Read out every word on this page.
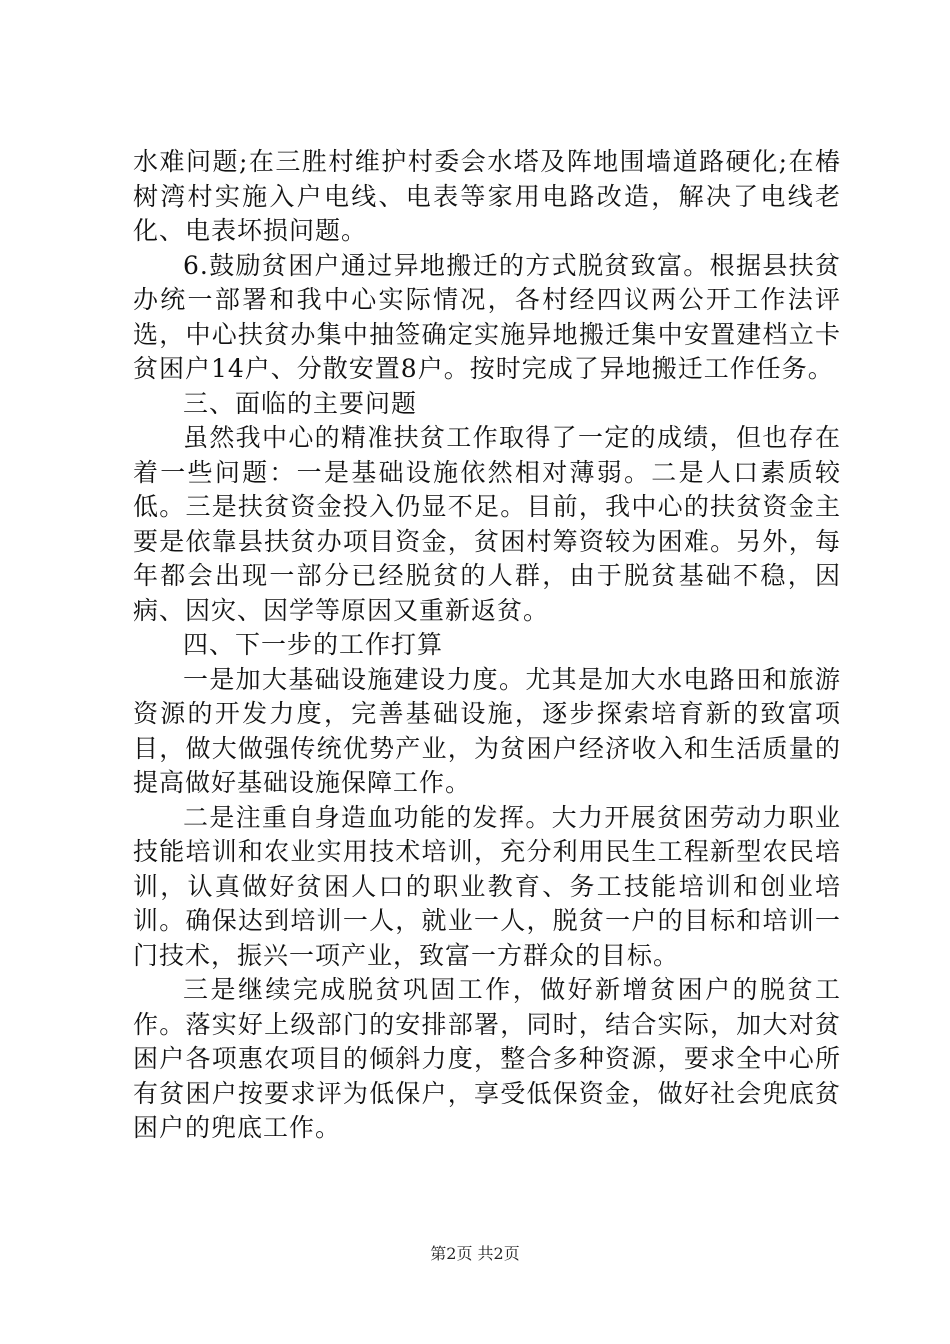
水难问题;在三胜村维护村委会水塔及阵地围墙道路硬化;在椿树湾村实施入户电线、电表等家用电路改造，解决了电线老化、电表坏损问题。

6.鼓励贫困户通过异地搬迁的方式脱贫致富。根据县扶贫办统一部署和我中心实际情况，各村经四议两公开工作法评选，中心扶贫办集中抽签确定实施异地搬迁集中安置建档立卡贫困户14户、分散安置8户。按时完成了异地搬迁工作任务。

三、面临的主要问题

虽然我中心的精准扶贫工作取得了一定的成绩，但也存在着一些问题：一是基础设施依然相对薄弱。二是人口素质较低。三是扶贫资金投入仍显不足。目前，我中心的扶贫资金主要是依靠县扶贫办项目资金，贫困村筹资较为困难。另外，每年都会出现一部分已经脱贫的人群，由于脱贫基础不稳，因病、因灾、因学等原因又重新返贫。

四、下一步的工作打算

一是加大基础设施建设力度。尤其是加大水电路田和旅游资源的开发力度，完善基础设施，逐步探索培育新的致富项目，做大做强传统优势产业，为贫困户经济收入和生活质量的提高做好基础设施保障工作。

二是注重自身造血功能的发挥。大力开展贫困劳动力职业技能培训和农业实用技术培训，充分利用民生工程新型农民培训，认真做好贫困人口的职业教育、务工技能培训和创业培训。确保达到培训一人，就业一人，脱贫一户的目标和培训一门技术，振兴一项产业，致富一方群众的目标。

三是继续完成脱贫巩固工作，做好新增贫困户的脱贫工作。落实好上级部门的安排部署，同时，结合实际，加大对贫困户各项惠农项目的倾斜力度，整合多种资源，要求全中心所有贫困户按要求评为低保户，享受低保资金，做好社会兜底贫困户的兜底工作。

第2页 共2页
